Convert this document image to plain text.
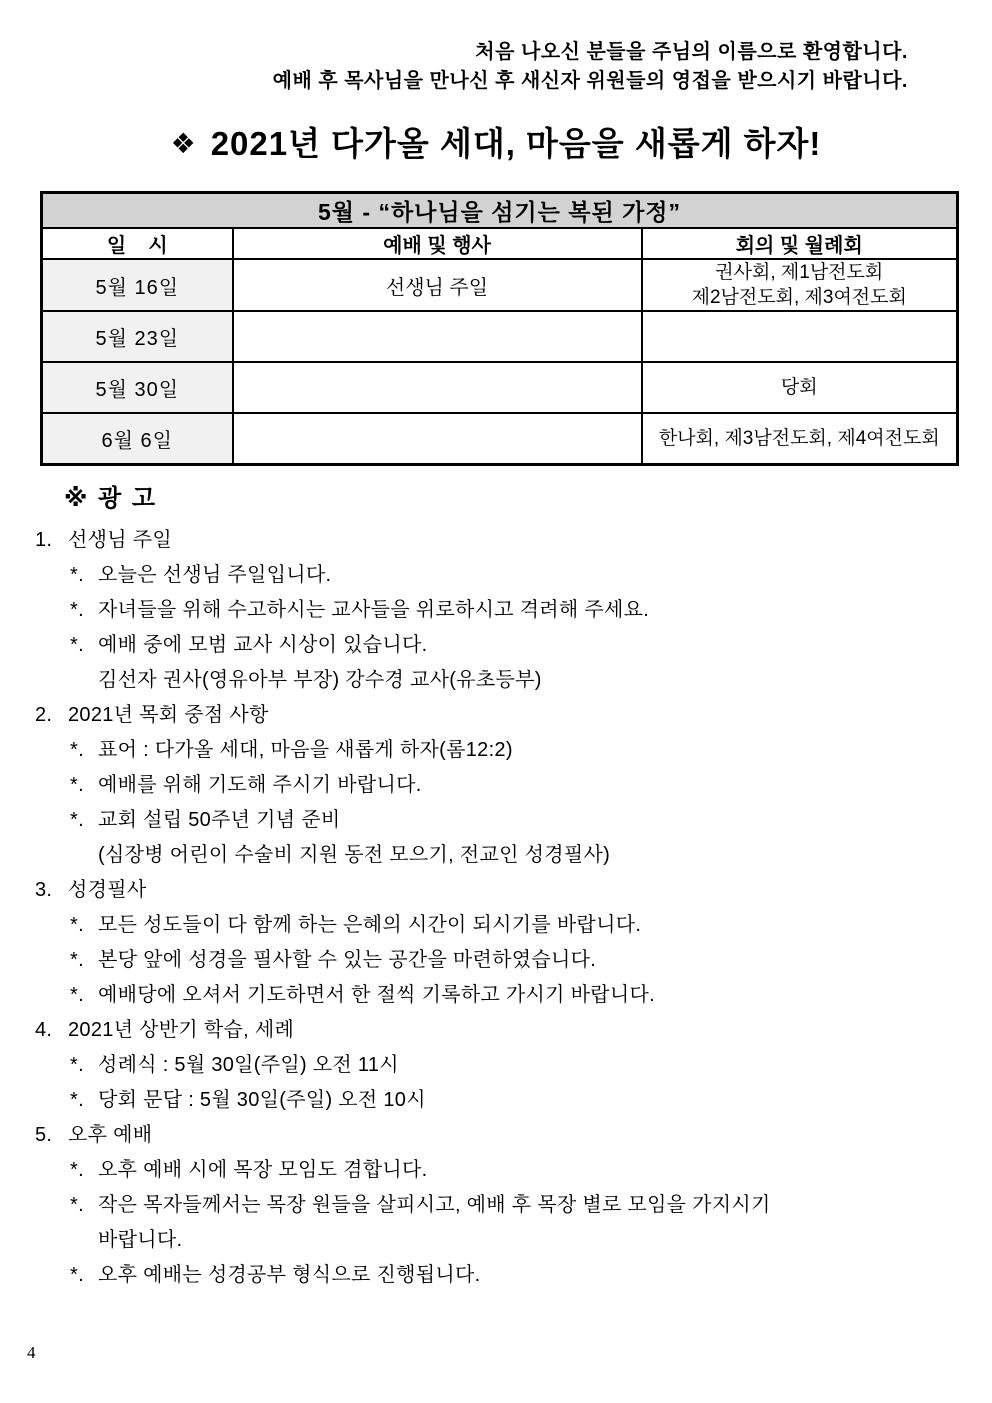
처음 나오신 분들을 주님의 이름으로 환영합니다.
예배 후 목사님을 만나신 후 새신자 위원들의 영접을 받으시기 바랍니다.
❖ 2021년 다가올 세대, 마음을 새롭게 하자!
5월 - “하나님을 섬기는 복된 가정”		
일    시	예배 및 행사	회의 및 월례회
5월 16일	선생님 주일	권사회, 제1남전도회
제2남전도회, 제3여전도회

5월 23일		
5월 30일		당회
6월 6일		한나회, 제3남전도회, 제4여전도회
※ 광 고
1. 선생님 주일
*. 오늘은 선생님 주일입니다.
*. 자녀들을 위해 수고하시는 교사들을 위로하시고 격려해 주세요.
*. 예배 중에 모범 교사 시상이 있습니다.
김선자 권사(영유아부 부장) 강수경 교사(유초등부)
2. 2021년 목회 중점 사항
*. 표어 : 다가올 세대, 마음을 새롭게 하자(롬12:2)
*. 예배를 위해 기도해 주시기 바랍니다.
*. 교회 설립 50주년 기념 준비
(심장병 어린이 수술비 지원 동전 모으기, 전교인 성경필사)
3. 성경필사
*. 모든 성도들이 다 함께 하는 은혜의 시간이 되시기를 바랍니다.
*. 본당 앞에 성경을 필사할 수 있는 공간을 마련하였습니다.
*. 예배당에 오셔서 기도하면서 한 절씩 기록하고 가시기 바랍니다.
4. 2021년 상반기 학습, 세례
*. 성례식 : 5월 30일(주일) 오전 11시
*. 당회 문답 : 5월 30일(주일) 오전 10시
5. 오후 예배
*. 오후 예배 시에 목장 모임도 겸합니다.
*. 작은 목자들께서는 목장 원들을 살피시고, 예배 후 목장 별로 모임을 가지시기
바랍니다.
*. 오후 예배는 성경공부 형식으로 진행됩니다.
4
